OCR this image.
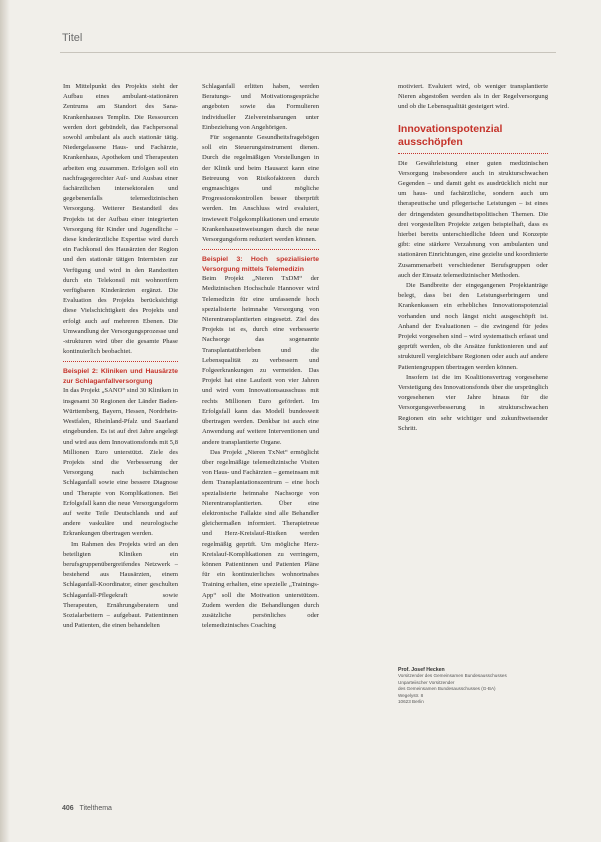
Titel

Im Mittelpunkt des Projekts steht der Aufbau eines ambulant-stationären Zentrums am Standort des Sana-Krankenhauses Templin. Die Ressourcen werden dort gebündelt, das Fachpersonal sowohl ambulant als auch stationär tätig. Niedergelassene Haus- und Fachärzte, Krankenhaus, Apotheken und Therapeuten arbeiten eng zusammen. Erfolgen soll ein nachfragegerechter Auf- und Ausbau einer fachärztlichen intersektoralen und gegebenenfalls telemedizinischen Versorgung. Weiterer Bestandteil des Projekts ist der Aufbau einer integrierten Versorgung für Kinder und Jugendliche – diese kinderärztliche Expertise wird durch ein Fachkonsil des Hausärzten der Region und den stationär tätigen Internisten zur Verfügung und wird in den Randzeiten durch ein Telekonsil mit wohnortfern verfügbaren Kinderärzten ergänzt. Die Evaluation des Projekts berücksichtigt diese Vielschichtigkeit des Projekts und erfolgt auch auf mehreren Ebenen. Die Umwandlung der Versorgungsprozesse und -strukturen wird über die gesamte Phase kontinuierlich beobachtet.

Beispiel 2: Kliniken und Hausärzte zur Schlaganfallversorgung

In das Projekt „SANO“ sind 30 Kliniken in insgesamt 30 Regionen der Länder Baden-Württemberg, Bayern, Hessen, Nordrhein-Westfalen, Rheinland-Pfalz und Saarland eingebunden. Es ist auf drei Jahre angelegt und wird aus dem Innovationsfonds mit 5,8 Millionen Euro unterstützt. Ziele des Projekts sind die Verbesserung der Versorgung nach ischämischen Schlaganfall sowie eine bessere Diagnose und Therapie von Komplikationen. Bei Erfolgsfall kann die neue Versorgungsform auf weite Teile Deutschlands und auf andere vaskuläre und neurologische Erkrankungen übertragen werden.

Im Rahmen des Projekts wird an den beteiligten Kliniken ein berufsgruppenübergreifendes Netzwerk – bestehend aus Hausärzten, einem Schlaganfall-Koordinator, einer geschulten Schlaganfall-Pflegekraft sowie Therapeuten, Ernährungsberatern und Sozialarbeitern – aufgebaut. Patientinnen und Patienten, die einen behandelten

Schlaganfall erlitten haben, werden Beratungs- und Motivationsgespräche angeboten sowie das Formulieren individueller Zielvereinbarungen unter Einbeziehung von Angehörigen.

Für sogenannte Gesundheitsfragebögen soll ein Steuerungsinstrument dienen. Durch die regelmäßigen Vorstellungen in der Klinik und beim Hausarzt kann eine Betreuung von Risikofaktoren durch engmaschiges und mögliche Progressionskontrollen besser überprüft werden. Im Anschluss wird evaluiert, inwieweit Folgekomplikationen und erneute Krankenhauseinweisungen durch die neue Versorgungsform reduziert werden können.

Beispiel 3: Hoch spezialisierte Versorgung mittels Telemedizin

Beim Projekt „Nieren TxDM“ der Medizinischen Hochschule Hannover wird Telemedizin für eine umfassende hoch spezialisierte heimnahe Versorgung von Nierentransplantierten eingesetzt. Ziel des Projekts ist es, durch eine verbesserte Nachsorge das sogenannte Transplantatüberleben und die Lebensqualität zu verbessern und Folgeerkrankungen zu vermeiden. Das Projekt hat eine Laufzeit von vier Jahren und wird vom Innovationsausschuss mit rechts Millionen Euro gefördert. Im Erfolgsfall kann das Modell bundesweit übertragen werden. Denkbar ist auch eine Anwendung auf weitere Interventionen und andere transplantierte Organe.

Das Projekt „Nieren TxNet“ ermöglicht über regelmäßige telemedizinische Visiten von Haus- und Fachärzten – gemeinsam mit dem Transplantationszentrum – eine hoch spezialisierte heimnahe Nachsorge von Nierentransplantierten. Über eine elektronische Fallakte sind alle Behandler gleichermaßen informiert. Therapietreue und Herz-Kreislauf-Risiken werden regelmäßig geprüft. Um mögliche Herz-Kreislauf-Komplikationen zu verringern, können Patientinnen und Patienten Pläne für ein kontinuierliches wohnortnahes Training erhalten, eine spezielle „Trainings-App“ soll die Motivation unterstützen. Zudem werden die Behandlungen durch zusätzliche persönliches oder telemedizinisches Coaching

motiviert. Evaluiert wird, ob weniger transplantierte Nieren abgestoßen werden als in der Regelversorgung und ob die Lebensqualität gesteigert wird.

Innovationspotenzial ausschöpfen

Die Gewährleistung einer guten medizinischen Versorgung insbesondere auch in strukturschwachen Gegenden – und damit geht es ausdrücklich nicht nur um haus- und fachärztliche, sondern auch um therapeutische und pflegerische Leistungen – ist eines der dringendsten gesundheitspolitischen Themen. Die drei vorgestellten Projekte zeigen beispielhaft, dass es hierbei bereits unterschiedliche Ideen und Konzepte gibt: eine stärkere Verzahnung von ambulanten und stationären Einrichtungen, eine gezielte und koordinierte Zusammenarbeit verschiedener Berufsgruppen oder auch der Einsatz telemedizinischer Methoden.

Die Bandbreite der eingegangenen Projektanträge belegt, dass bei den Leistungserbringern und Krankenkassen ein erhebliches Innovationspotenzial vorhanden und noch längst nicht ausgeschöpft ist. Anhand der Evaluationen – die zwingend für jedes Projekt vorgesehen sind – wird systematisch erfasst und geprüft werden, ob die Ansätze funktionieren und auf strukturell vergleichbare Regionen oder auch auf andere Patientengruppen übertragen werden können.

Insofern ist die im Koalitionsvertrag vorgesehene Verstetigung des Innovationsfonds über die ursprünglich vorgesehenen vier Jahre hinaus für die Versorgungsverbesserung in strukturschwachen Regionen ein sehr wichtiger und zukunftweisender Schritt.

Prof. Josef Hecken
Vorsitzender des Gemeinsamen Bundesausschusses
Unparteiischer Vorsitzender
des Gemeinsamen Bundesausschusses (G-BA)
Wegelystr. 8
10623 Berlin
406 Titelthema
